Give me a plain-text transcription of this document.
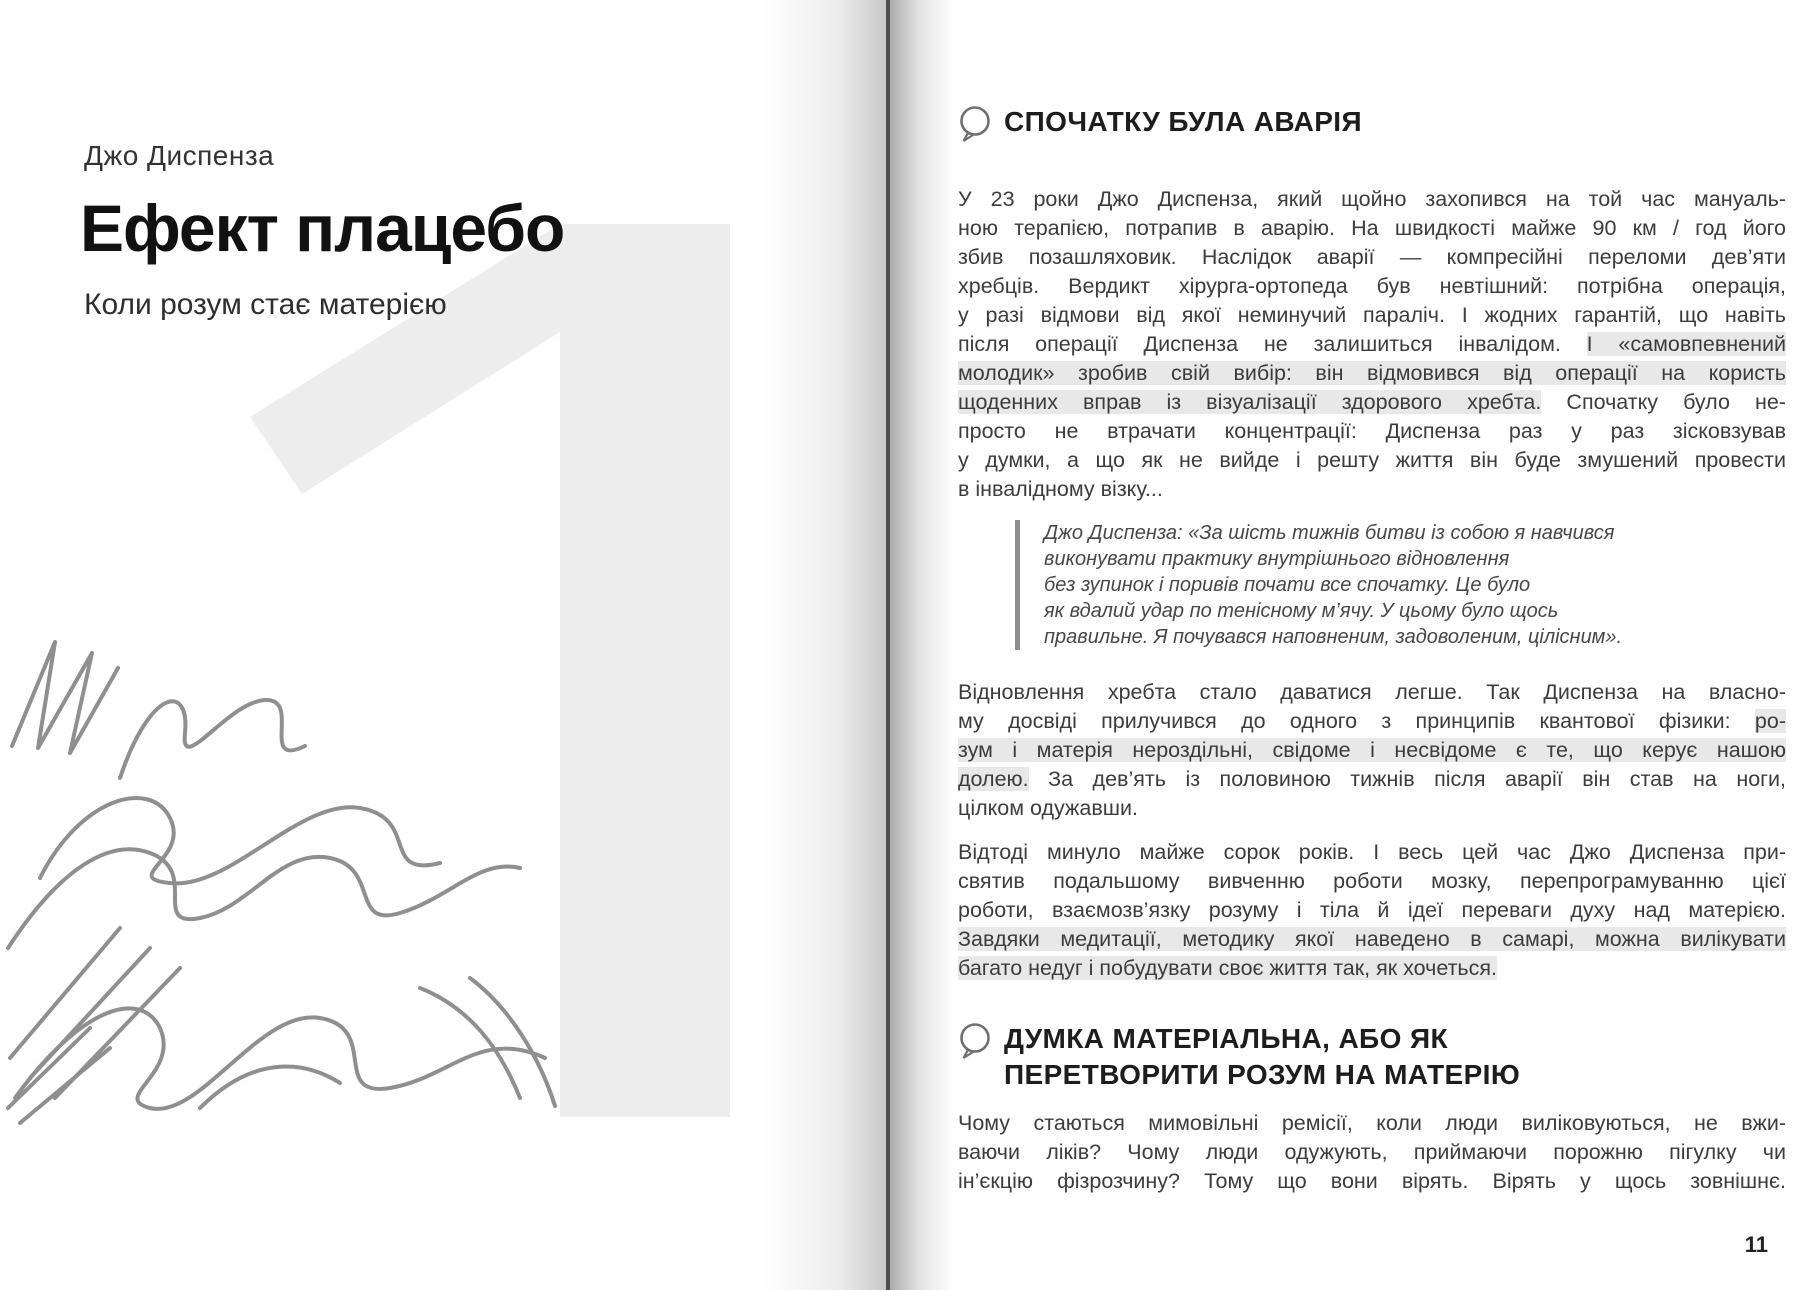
Джо Диспенза
Ефект плацебо
Коли розум стає матерією
СПОЧАТКУ БУЛА АВАРІЯ
У 23 роки Джо Диспенза, який щойно захопився на той час мануаль-
ною терапією, потрапив в аварію. На швидкості майже 90 км / год його
збив позашляховик. Наслідок аварії — компресійні переломи дев’яти
хребців. Вердикт хірурга-ортопеда був невтішний: потрібна операція,
у разі відмови від якої неминучий параліч. І жодних гарантій, що навіть
після операції Диспенза не залишиться інвалідом. І «самовпевнений
молодик» зробив свій вибір: він відмовився від операції на користь
щоденних вправ із візуалізації здорового хребта. Спочатку було не-
просто не втрачати концентрації: Диспенза раз у раз зісковзував
у думки, а що як не вийде і решту життя він буде змушений провести
в інвалідному візку...
Джо Диспенза: «За шість тижнів битви із собою я навчився
виконувати практику внутрішнього відновлення
без зупинок і поривів почати все спочатку. Це було
як вдалий удар по тенісному м’ячу. У цьому було щось
правильне. Я почувався наповненим, задоволеним, цілісним».
Відновлення хребта стало даватися легше. Так Диспенза на власно-
му досвіді прилучився до одного з принципів квантової фізики: ро-
зум і матерія нероздільні, свідоме і несвідоме є те, що керує нашою
долею. За дев’ять із половиною тижнів після аварії він став на ноги,
цілком одужавши.
Відтоді минуло майже сорок років. І весь цей час Джо Диспенза при-
святив подальшому вивченню роботи мозку, перепрограмуванню цієї
роботи, взаємозв’язку розуму і тіла й ідеї переваги духу над матерією.
Завдяки медитації, методику якої наведено в самарі, можна вилікувати
багато недуг і побудувати своє життя так, як хочеться.
ДУМКА МАТЕРІАЛЬНА, АБО ЯК
ПЕРЕТВОРИТИ РОЗУМ НА МАТЕРІЮ
Чому стаються мимовільні ремісії, коли люди виліковуються, не вжи-
ваючи ліків? Чому люди одужують, приймаючи порожню пігулку чи
ін’єкцію фізрозчину? Тому що вони вірять. Вірять у щось зовнішнє.
11
